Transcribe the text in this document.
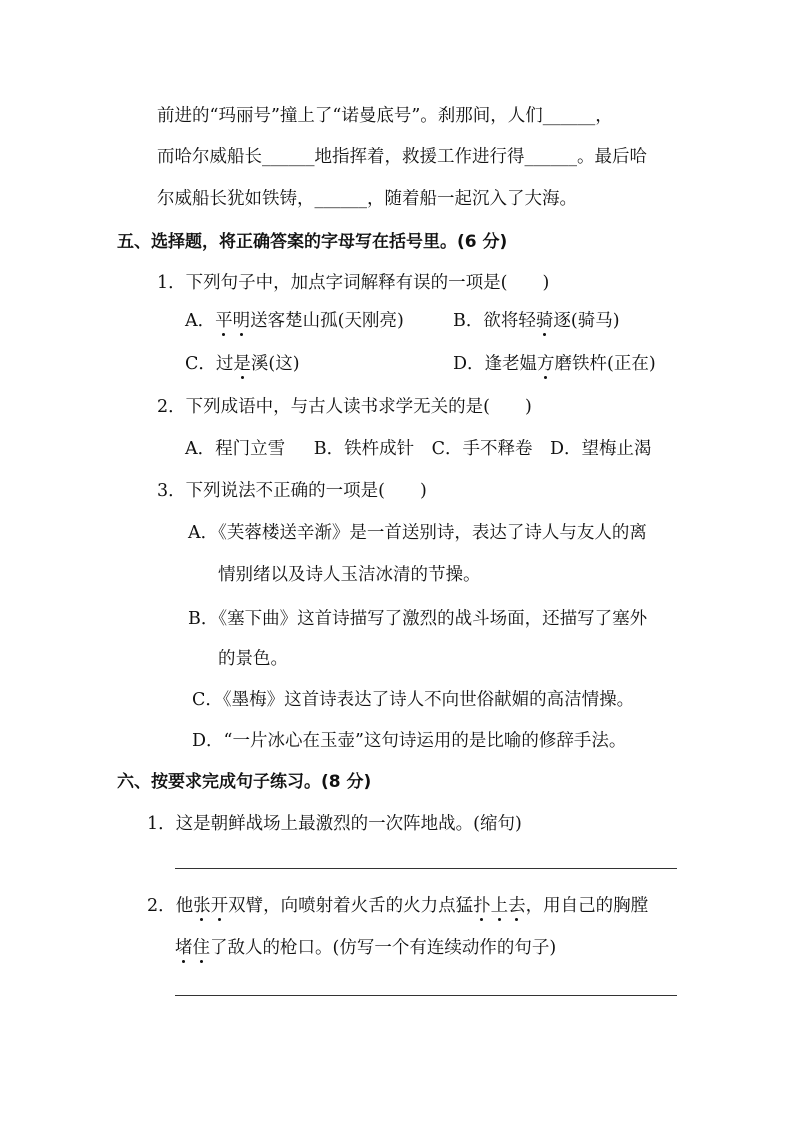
前进的“玛丽号”撞上了“诺曼底号”。刹那间，人们______，
而哈尔威船长______地指挥着，救援工作进行得______。最后哈
尔威船长犹如铁铸，______，随着船一起沉入了大海。
五、选择题，将正确答案的字母写在括号里。(6 分)
1．下列句子中，加点字词解释有误的一项是(　　)
A．平明送客楚山孤(天刚亮)	B．欲将轻骑逐(骑马)
C．过是溪(这)	D．逢老媪方磨铁杵(正在)
2．下列成语中，与古人读书求学无关的是(　　)
A．程门立雪　  B．铁杵成针　C．手不释卷　D．望梅止渴
3．下列说法不正确的一项是(　　)
A．《芙蓉楼送辛渐》是一首送别诗，表达了诗人与友人的离
情别绪以及诗人玉洁冰清的节操。
B．《塞下曲》这首诗描写了激烈的战斗场面，还描写了塞外
的景色。
C．《墨梅》这首诗表达了诗人不向世俗献媚的高洁情操。
D．“一片冰心在玉壶”这句诗运用的是比喻的修辞手法。
六、按要求完成句子练习。(8 分)
1．这是朝鲜战场上最激烈的一次阵地战。(缩句)
2．他张开双臂，向喷射着火舌的火力点猛扑上去，用自己的胸膛
堵住了敌人的枪口。(仿写一个有连续动作的句子)
